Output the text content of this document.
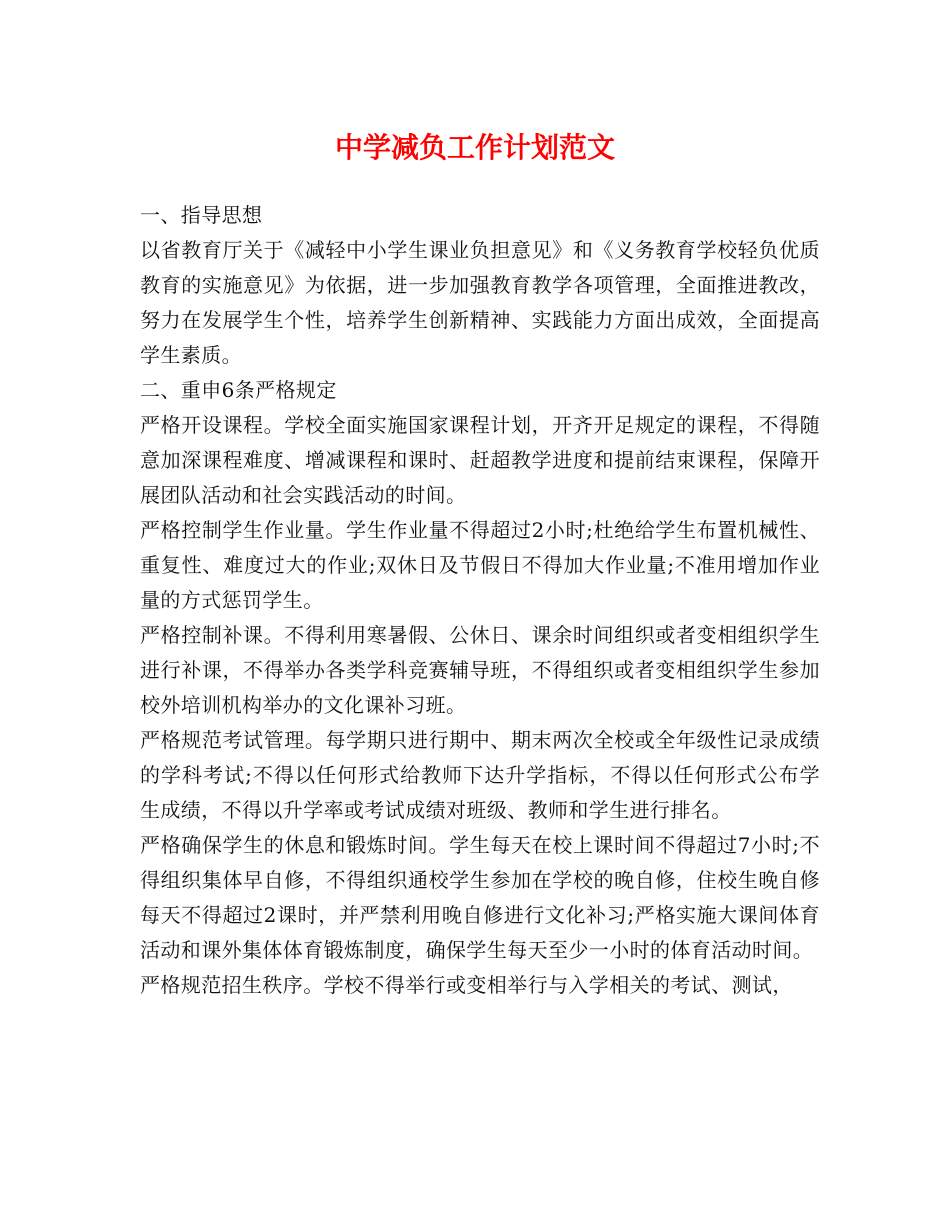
中学减负工作计划范文

一、指导思想

以省教育厅关于《减轻中小学生课业负担意见》和《义务教育学校轻负优质教育的实施意见》为依据，进一步加强教育教学各项管理，全面推进教改，努力在发展学生个性，培养学生创新精神、实践能力方面出成效，全面提高学生素质。

二、重申6条严格规定

严格开设课程。学校全面实施国家课程计划，开齐开足规定的课程，不得随意加深课程难度、增减课程和课时、赶超教学进度和提前结束课程，保障开展团队活动和社会实践活动的时间。

严格控制学生作业量。学生作业量不得超过2小时;杜绝给学生布置机械性、重复性、难度过大的作业;双休日及节假日不得加大作业量;不准用增加作业量的方式惩罚学生。

严格控制补课。不得利用寒暑假、公休日、课余时间组织或者变相组织学生进行补课，不得举办各类学科竞赛辅导班，不得组织或者变相组织学生参加校外培训机构举办的文化课补习班。

严格规范考试管理。每学期只进行期中、期末两次全校或全年级性记录成绩的学科考试;不得以任何形式给教师下达升学指标，不得以任何形式公布学生成绩，不得以升学率或考试成绩对班级、教师和学生进行排名。

严格确保学生的休息和锻炼时间。学生每天在校上课时间不得超过7小时;不得组织集体早自修，不得组织通校学生参加在学校的晚自修，住校生晚自修每天不得超过2课时，并严禁利用晚自修进行文化补习;严格实施大课间体育活动和课外集体体育锻炼制度，确保学生每天至少一小时的体育活动时间。

严格规范招生秩序。学校不得举行或变相举行与入学相关的考试、测试，
